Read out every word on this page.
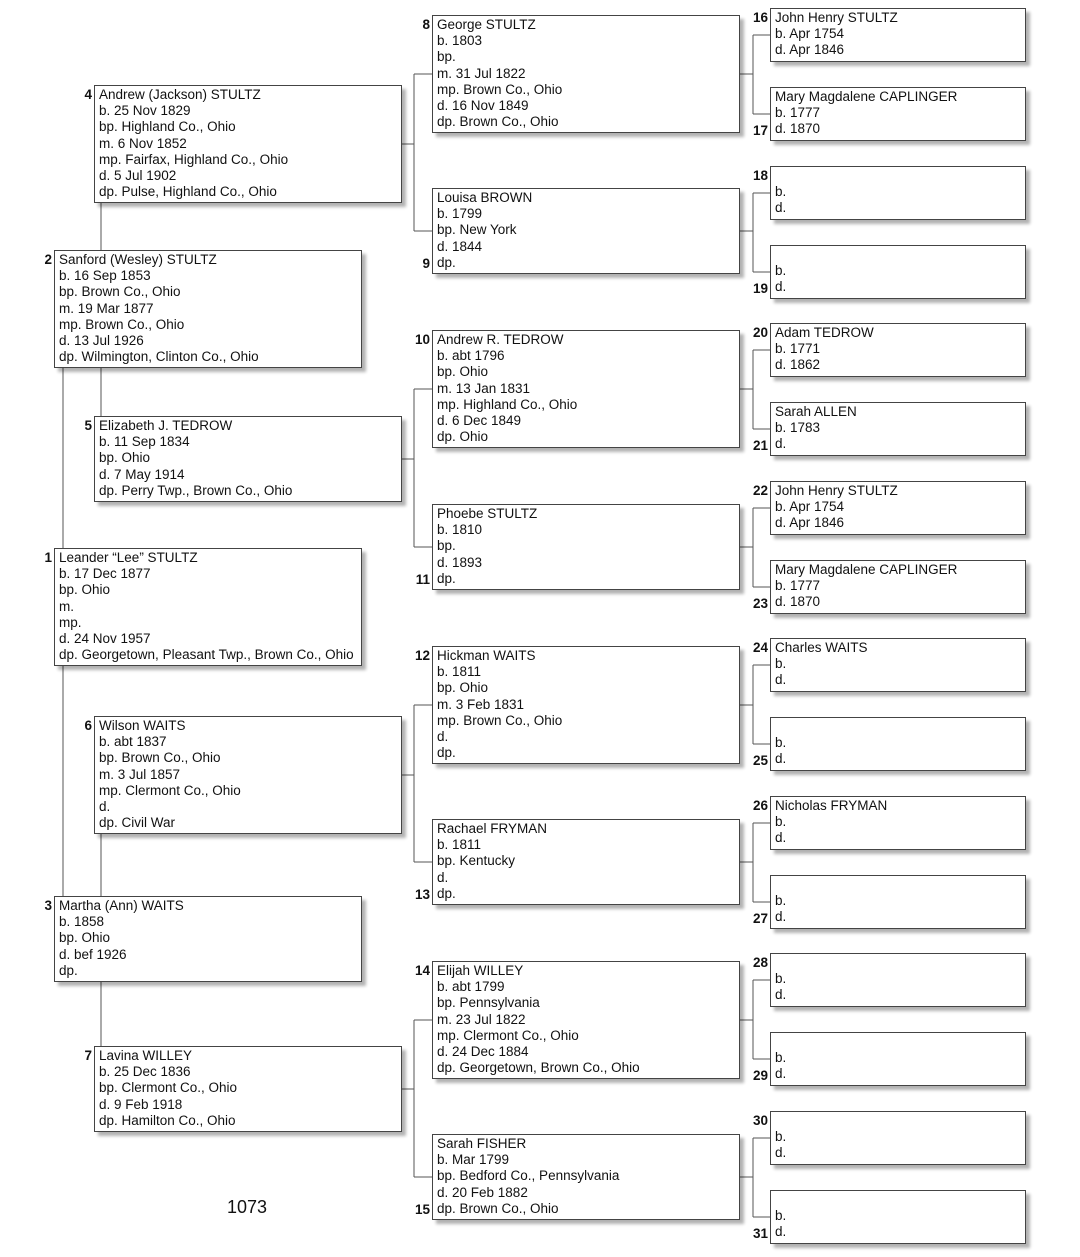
Leander “Lee” STULTZ
b. 17 Dec 1877
bp. Ohio
m.
mp.
d. 24 Nov 1957
dp. Georgetown, Pleasant Twp., Brown Co., Ohio
1
Sanford (Wesley) STULTZ
b. 16 Sep 1853
bp. Brown Co., Ohio
m. 19 Mar 1877
mp. Brown Co., Ohio
d. 13 Jul 1926
dp. Wilmington, Clinton Co., Ohio
2
Martha (Ann) WAITS
b. 1858
bp. Ohio
d. bef 1926
dp.
3
Andrew (Jackson) STULTZ
b. 25 Nov 1829
bp. Highland Co., Ohio
m. 6 Nov 1852
mp. Fairfax, Highland Co., Ohio
d. 5 Jul 1902
dp. Pulse, Highland Co., Ohio
4
Elizabeth J. TEDROW
b. 11 Sep 1834
bp. Ohio
d. 7 May 1914
dp. Perry Twp., Brown Co., Ohio
5
Wilson WAITS
b. abt 1837
bp. Brown Co., Ohio
m. 3 Jul 1857
mp. Clermont Co., Ohio
d.
dp. Civil War
6
Lavina WILLEY
b. 25 Dec 1836
bp. Clermont Co., Ohio
d. 9 Feb 1918
dp. Hamilton Co., Ohio
7
George STULTZ
b. 1803
bp.
m. 31 Jul 1822
mp. Brown Co., Ohio
d. 16 Nov 1849
dp. Brown Co., Ohio
8
Louisa BROWN
b. 1799
bp. New York
d. 1844
dp.
9
Andrew R. TEDROW
b. abt 1796
bp. Ohio
m. 13 Jan 1831
mp. Highland Co., Ohio
d. 6 Dec 1849
dp. Ohio
10
Phoebe STULTZ
b. 1810
bp.
d. 1893
dp.
11
Hickman WAITS
b. 1811
bp. Ohio
m. 3 Feb 1831
mp. Brown Co., Ohio
d.
dp.
12
Rachael FRYMAN
b. 1811
bp. Kentucky
d.
dp.
13
Elijah WILLEY
b. abt 1799
bp. Pennsylvania
m. 23 Jul 1822
mp. Clermont Co., Ohio
d. 24 Dec 1884
dp. Georgetown, Brown Co., Ohio
14
Sarah FISHER
b. Mar 1799
bp. Bedford Co., Pennsylvania
d. 20 Feb 1882
dp. Brown Co., Ohio
15
John Henry STULTZ
b. Apr 1754
d. Apr 1846
16
Mary Magdalene CAPLINGER
b. 1777
d. 1870
17

b.
d.
18

b.
d.
19
Adam TEDROW
b. 1771
d. 1862
20
Sarah ALLEN
b. 1783
d.
21
John Henry STULTZ
b. Apr 1754
d. Apr 1846
22
Mary Magdalene CAPLINGER
b. 1777
d. 1870
23
Charles WAITS
b.
d.
24

b.
d.
25
Nicholas FRYMAN
b.
d.
26

b.
d.
27

b.
d.
28

b.
d.
29

b.
d.
30

b.
d.
31
1073
